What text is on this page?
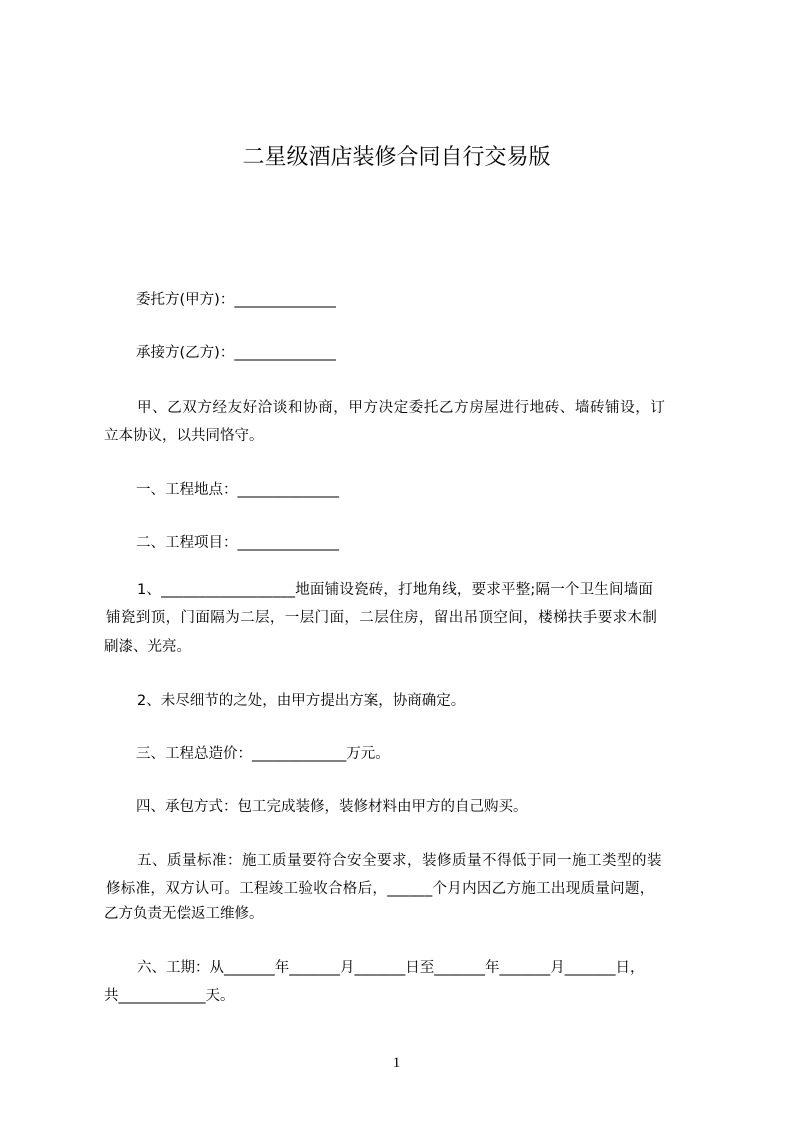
二星级酒店装修合同自行交易版
委托方(甲方)：______________
承接方(乙方)：______________
甲、乙双方经友好洽谈和协商，甲方决定委托乙方房屋进行地砖、墙砖铺设，订
立本协议，以共同恪守。
一、工程地点：______________
二、工程项目：______________
1、__________________地面铺设瓷砖，打地角线，要求平整;隔一个卫生间墙面
铺瓷到顶，门面隔为二层，一层门面，二层住房，留出吊顶空间，楼梯扶手要求木制
刷漆、光亮。
2、未尽细节的之处，由甲方提出方案，协商确定。
三、工程总造价：_____________万元。
四、承包方式：包工完成装修，装修材料由甲方的自己购买。
五、质量标准：施工质量要符合安全要求，装修质量不得低于同一施工类型的装
修标准，双方认可。工程竣工验收合格后，______个月内因乙方施工出现质量问题，
乙方负责无偿返工维修。
六、工期：从_______年_______月_______日至_______年_______月_______日，
共____________天。
1
